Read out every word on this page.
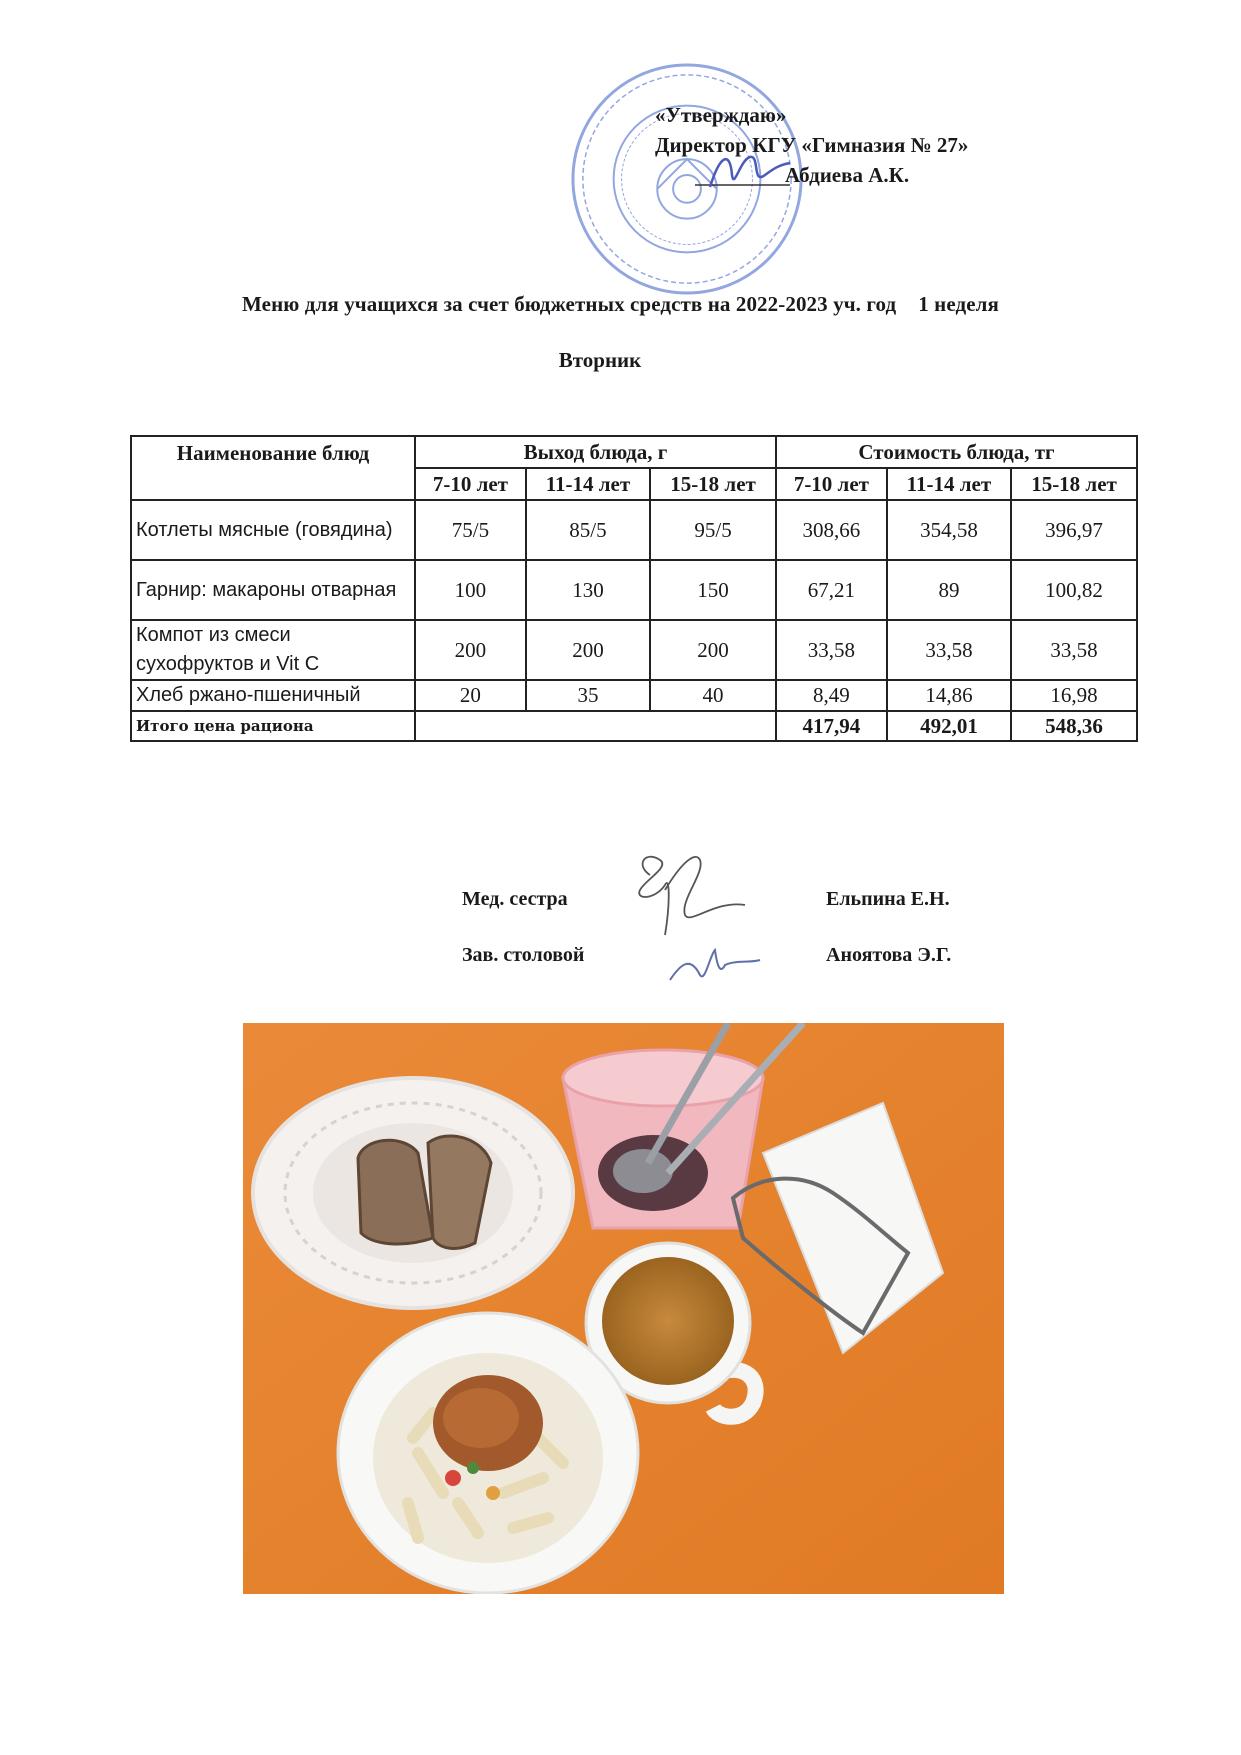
«Утверждаю»
Директор КГУ «Гимназия № 27»
Абдиева А.К.
Меню для учащихся за счет бюджетных средств на 2022-2023 уч. год 1 неделя
Вторник
Наименование блюд	Выход блюда, г			Стоимость блюда, тг		
	7-10 лет	11-14 лет	15-18 лет	7-10 лет	11-14 лет	15-18 лет
Котлеты мясные (говядина)	75/5	85/5	95/5	308,66	354,58	396,97
Гарнир: макароны отварная	100	130	150	67,21	89	100,82
Компот из смеси сухофруктов и Vit C	200	200	200	33,58	33,58	33,58
Хлеб ржано-пшеничный	20	35	40	8,49	14,86	16,98
Итого цена рациона				417,94	492,01	548,36
Мед. сестра	Ельпина Е.Н.
Зав. столовой	Аноятова Э.Г.
